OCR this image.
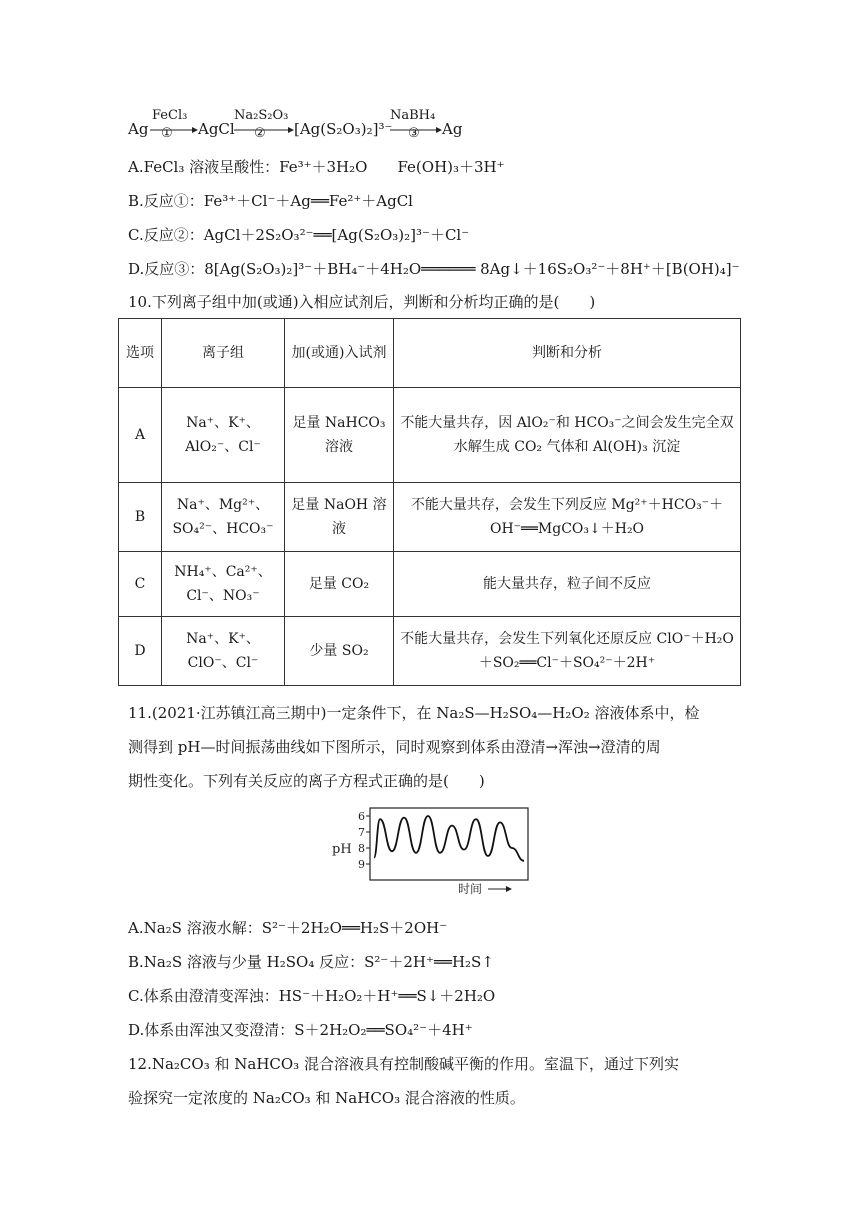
Ag
FeCl₃
① AgCl
Na₂S₂O₃
② [Ag(S₂O₃)₂]³⁻
NaBH₄
③ Ag
A.FeCl₃ 溶液呈酸性：Fe³⁺＋3H₂O　　Fe(OH)₃＋3H⁺
B.反应①：Fe³⁺＋Cl⁻＋Ag══Fe²⁺＋AgCl
C.反应②：AgCl＋2S₂O₃²⁻══[Ag(S₂O₃)₂]³⁻＋Cl⁻
D.反应③：8[Ag(S₂O₃)₂]³⁻＋BH₄⁻＋4H₂O══════ 8Ag↓＋16S₂O₃²⁻＋8H⁺＋[B(OH)₄]⁻
10.下列离子组中加(或通)入相应试剂后，判断和分析均正确的是(　　)
选项	离子组	加(或通)入试剂	判断和分析
A	Na⁺、K⁺、AlO₂⁻、Cl⁻	足量 NaHCO₃ 溶液	不能大量共存，因 AlO₂⁻和 HCO₃⁻之间会发生完全双水解生成 CO₂ 气体和 Al(OH)₃ 沉淀
B	Na⁺、Mg²⁺、SO₄²⁻、HCO₃⁻	足量 NaOH 溶液	不能大量共存，会发生下列反应 Mg²⁺＋HCO₃⁻＋OH⁻══MgCO₃↓＋H₂O
C	NH₄⁺、Ca²⁺、Cl⁻、NO₃⁻	足量 CO₂	能大量共存，粒子间不反应
D	Na⁺、K⁺、ClO⁻、Cl⁻	少量 SO₂	不能大量共存，会发生下列氧化还原反应 ClO⁻＋H₂O＋SO₂══Cl⁻＋SO₄²⁻＋2H⁺
11.(2021·江苏镇江高三期中)一定条件下，在 Na₂S—H₂SO₄—H₂O₂ 溶液体系中，检
测得到 pH—时间振荡曲线如下图所示，同时观察到体系由澄清→浑浊→澄清的周
期性变化。下列有关反应的离子方程式正确的是(　　)
pH
6
7
8
9
时间
A.Na₂S 溶液水解：S²⁻＋2H₂O══H₂S＋2OH⁻
B.Na₂S 溶液与少量 H₂SO₄ 反应：S²⁻＋2H⁺══H₂S↑
C.体系由澄清变浑浊：HS⁻＋H₂O₂＋H⁺══S↓＋2H₂O
D.体系由浑浊又变澄清：S＋2H₂O₂══SO₄²⁻＋4H⁺
12.Na₂CO₃ 和 NaHCO₃ 混合溶液具有控制酸碱平衡的作用。室温下，通过下列实
验探究一定浓度的 Na₂CO₃ 和 NaHCO₃ 混合溶液的性质。
